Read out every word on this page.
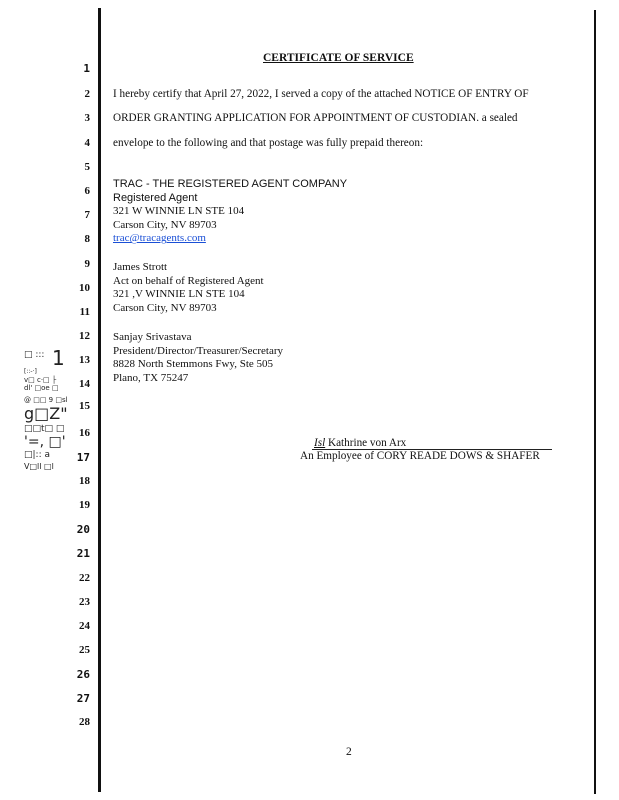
1
2
3
4
5
6
7
8
9
10
11
12
13
14
15
16
17
18
19
20
21
22
23
24
25
26
27
28
□ ::: 1
[::-·]
v□ c·□ ├
dl' □oe □
@ □□ 9 □sl
g□Z"
□□t□ □
'=, □'
□|:: a
V□ll □l
CERTIFICATE OF SERVICE
I hereby certify that April 27, 2022, I served a copy of the attached NOTICE OF ENTRY OF
ORDER GRANTING APPLICATION FOR APPOINTMENT OF CUSTODIAN. a sealed
envelope to the following and that postage was fully prepaid thereon:
TRAC - THE REGISTERED AGENT COMPANY
Registered Agent
321 W WINNIE LN STE 104
Carson City, NV 89703
trac@tracagents.com
James Strott
Act on behalf of Registered Agent
321 ,V WINNIE LN STE 104
Carson City, NV 89703
Sanjay Srivastava
President/Director/Treasurer/Secretary
8828 North Stemmons Fwy, Ste 505
Plano, TX 75247
Isl Kathrine von Arx
An Employee of CORY READE DOWS & SHAFER
2
